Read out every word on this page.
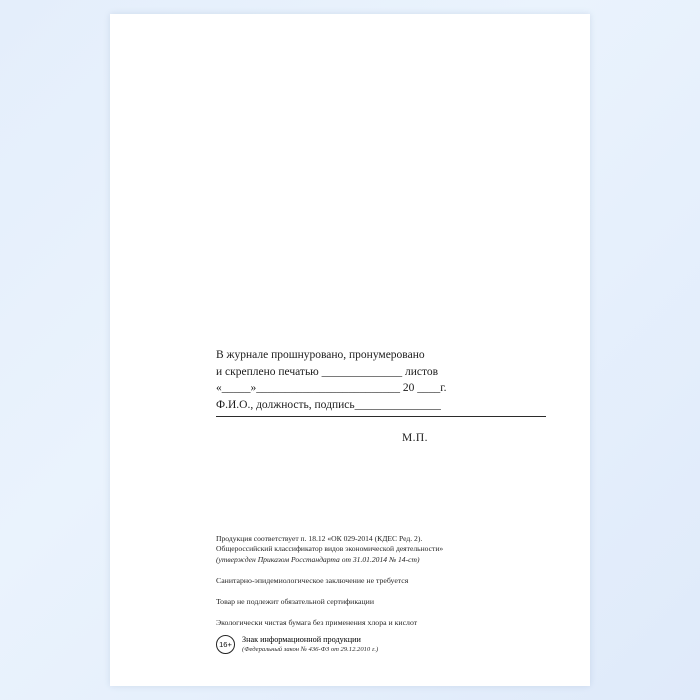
В журнале прошнуровано, пронумеровано
и скреплено печатью ______________ листов
«_____»_________________________ 20 ____г.
Ф.И.О., должность, подпись_______________
М.П.
Продукция соответствует п. 18.12 «ОК 029-2014 (КДЕС Ред. 2).
Общероссийский классификатор видов экономической деятельности»
(утвержден Приказом Росстандарта от 31.01.2014 № 14-ст)
Санитарно-эпидемиологическое заключение не требуется
Товар не подлежит обязательной сертификации
Экологически чистая бумага без применения хлора и кислот
16+
Знак информационной продукции
(Федеральный закон № 436-ФЗ от 29.12.2010 г.)
